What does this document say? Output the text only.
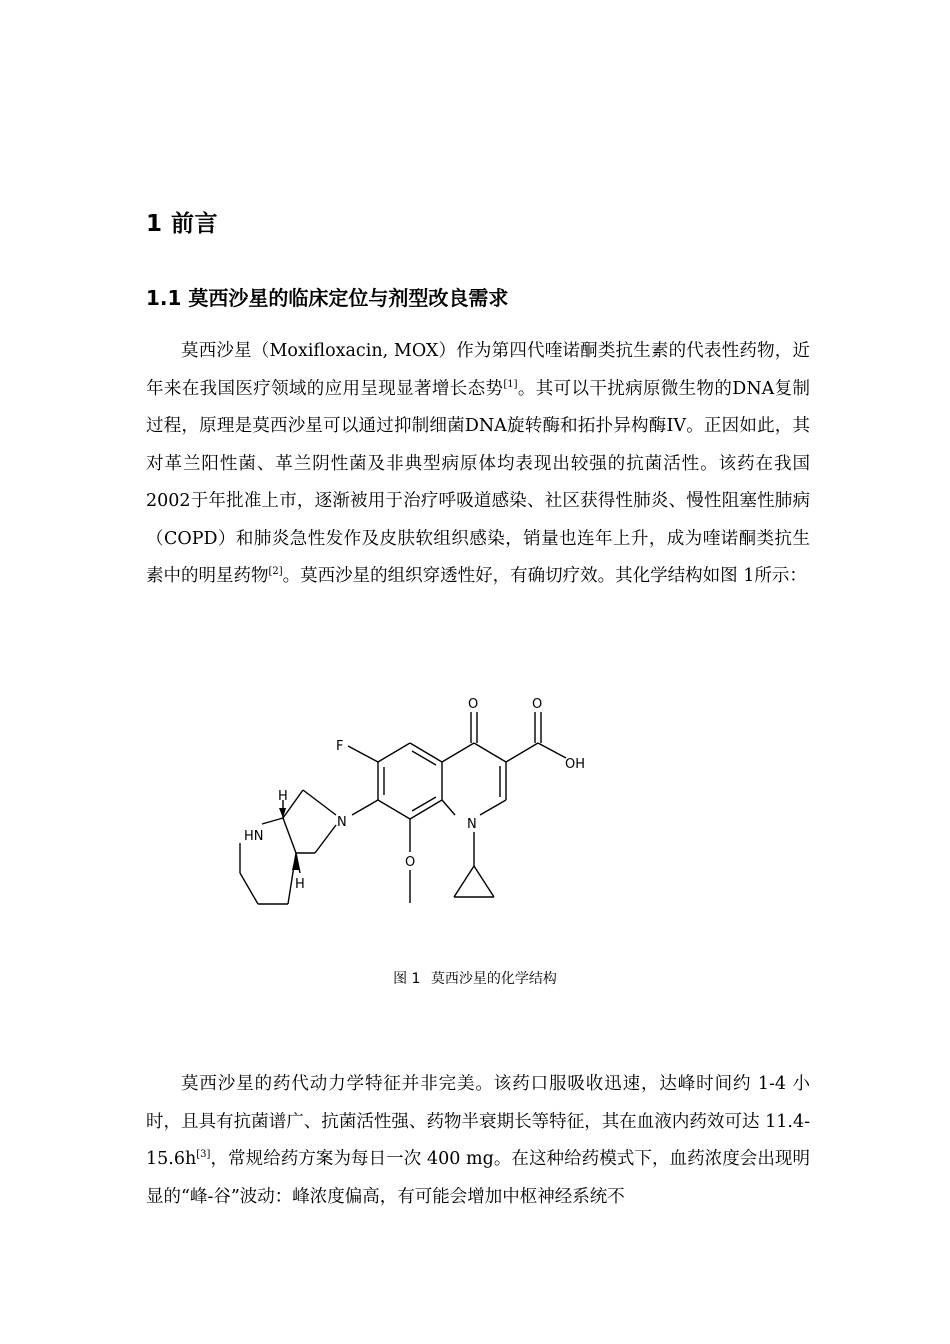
1 前言
1.1 莫西沙星的临床定位与剂型改良需求

莫西沙星（Moxifloxacin, MOX）作为第四代喹诺酮类抗生素的代表性药物，近年来在我国医疗领域的应用呈现显著增长态势[1]。其可以干扰病原微生物的DNA复制过程，原理是莫西沙星可以通过抑制细菌DNA旋转酶和拓扑异构酶IV。正因如此，其对革兰阳性菌、革兰阴性菌及非典型病原体均表现出较强的抗菌活性。该药在我国2002于年批准上市，逐渐被用于治疗呼吸道感染、社区获得性肺炎、慢性阻塞性肺病（COPD）和肺炎急性发作及皮肤软组织感染，销量也连年上升，成为喹诺酮类抗生素中的明星药物[2]。莫西沙星的组织穿透性好，有确切疗效。其化学结构如图 1所示：

O	O
OH
F
N	N
HN
H
H
O
图 1 莫西沙星的化学结构

莫西沙星的药代动力学特征并非完美。该药口服吸收迅速，达峰时间约 1-4 小时，且具有抗菌谱广、抗菌活性强、药物半衰期长等特征，其在血液内药效可达 11.4-15.6h[3]，常规给药方案为每日一次 400 mg。在这种给药模式下，血药浓度会出现明显的“峰-谷”波动：峰浓度偏高，有可能会增加中枢神经系统不
